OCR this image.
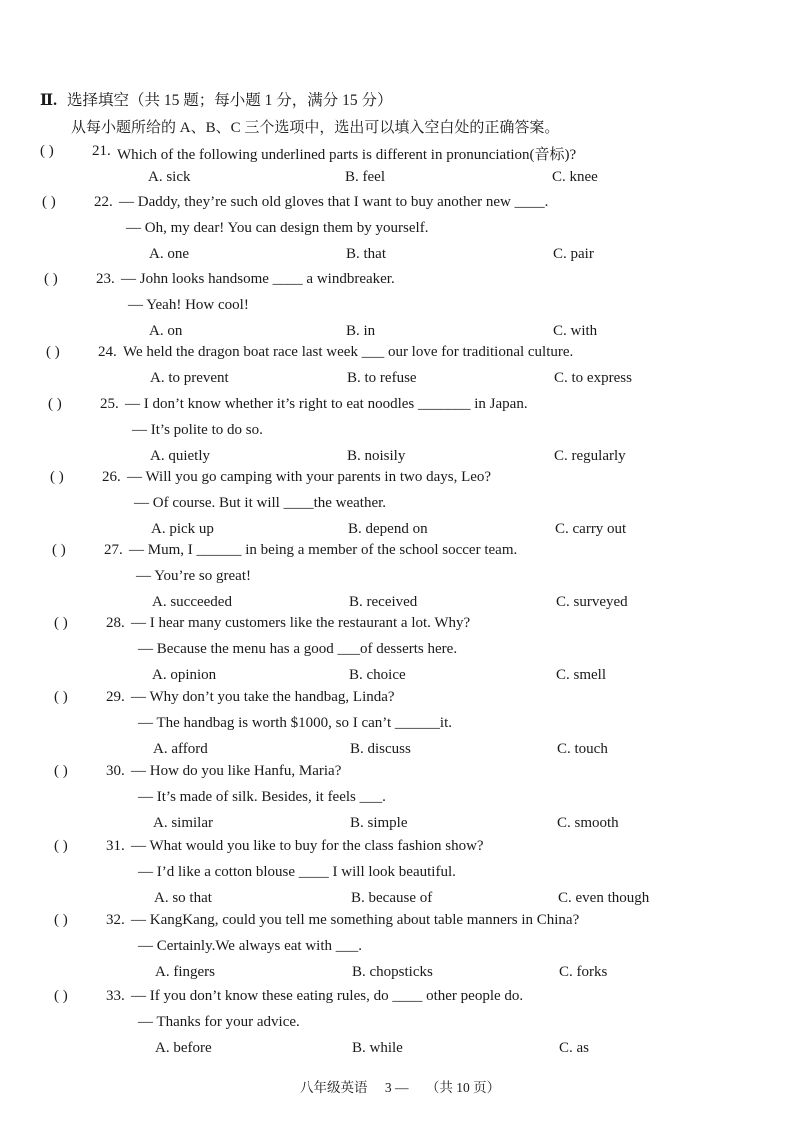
Ⅱ. 选择填空（共 15 题；每小题 1 分，满分 15 分）
从每小题所给的 A、B、C 三个选项中，选出可以填入空白处的正确答案。
( )	21. Which of the following underlined parts is different in pronunciation(音标)?
A. sick	B. feel	C. knee
( )	22. — Daddy, they’re such old gloves that I want to buy another new ____.
— Oh, my dear! You can design them by yourself.
A. one	B. that	C. pair
( )	23. — John looks handsome ____ a windbreaker.
— Yeah! How cool!
A. on	B. in	C. with
( )	24. We held the dragon boat race last week ___ our love for traditional culture.
A. to prevent	B. to refuse	C. to express
( )	25. — I don’t know whether it’s right to eat noodles _______ in Japan.
— It’s polite to do so.
A. quietly	B. noisily	C. regularly
( )	26. — Will you go camping with your parents in two days, Leo?
— Of course. But it will ____the weather.
A. pick up	B. depend on	C. carry out
( )	27. — Mum, I ______ in being a member of the school soccer team.
— You’re so great!
A. succeeded	B. received	C. surveyed
( )	28. — I hear many customers like the restaurant a lot. Why?
— Because the menu has a good ___of desserts here.
A. opinion	B. choice	C. smell
( )	29. — Why don’t you take the handbag, Linda?
— The handbag is worth $1000, so I can’t ______it.
A. afford	B. discuss	C. touch
( )	30. — How do you like Hanfu, Maria?
— It’s made of silk. Besides, it feels ___.
A. similar	B. simple	C. smooth
( )	31. — What would you like to buy for the class fashion show?
— I’d like a cotton blouse ____ I will look beautiful.
A. so that	B. because of	C. even though
( )	32. — KangKang, could you tell me something about table manners in China?
— Certainly.We always eat with ___.
A. fingers	B. chopsticks	C. forks
( )	33. — If you don’t know these eating rules, do ____ other people do.
— Thanks for your advice.
A. before	B. while	C. as
八年级英语 3 — （共 10 页）
